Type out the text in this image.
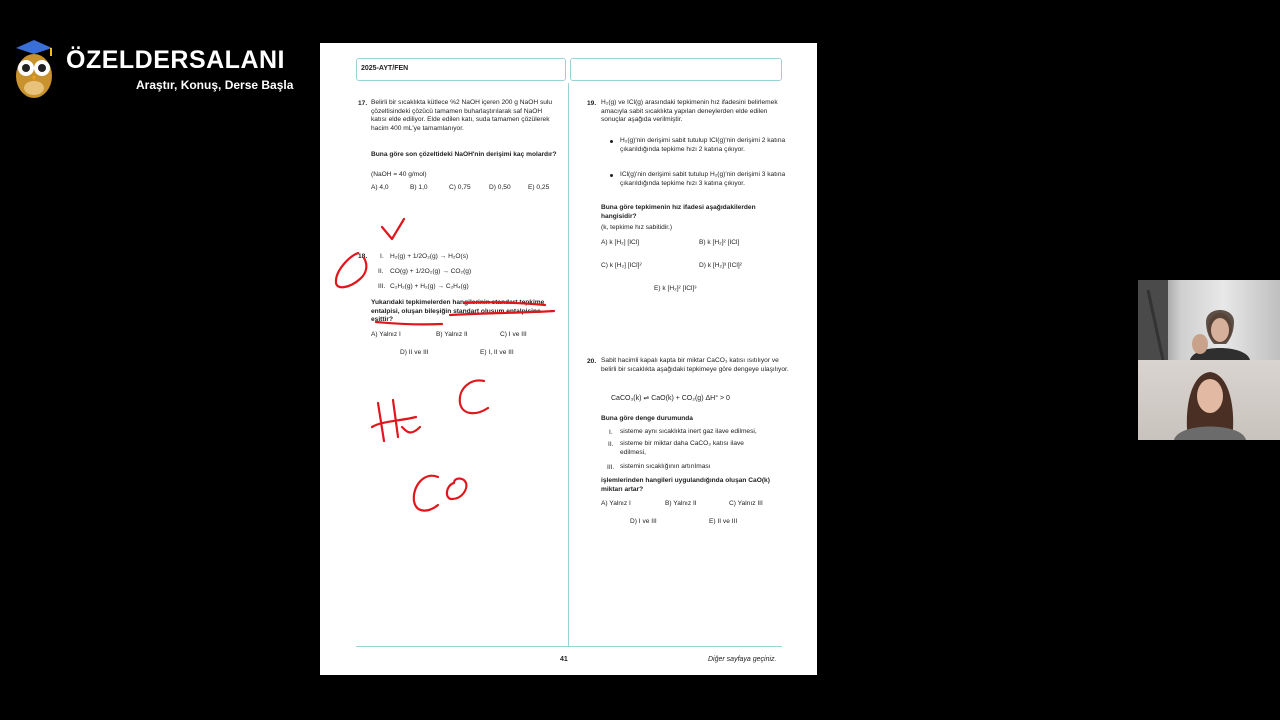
ÖZELDERSALANI
Araştır, Konuş, Derse Başla
2025-AYT/FEN
17. Belirli bir sıcaklıkta kütlece %2 NaOH içeren 200 g NaOH sulu çözeltisindeki çözücü tamamen buharlaştırılarak saf NaOH katısı elde ediliyor. Elde edilen katı, suda tamamen çözülerek hacim 400 mL'ye tamamlanıyor.
Buna göre son çözeltideki NaOH'nin derişimi kaç molardır?
(NaOH = 40 g/mol)
A) 4,0	B) 1,0	C) 0,75	D) 0,50	E) 0,25
18. I. H₂(g) + 1/2O₂(g) → H₂O(s)
II. CO(g) + 1/2O₂(g) → CO₂(g)
III. C₂H₂(g) + H₂(g) → C₂H₄(g)
Yukarıdaki tepkimelerden hangilerinin standart tepkime entalpisi, oluşan bileşiğin standart oluşum entalpisine eşittir?
A) Yalnız I	B) Yalnız II	C) I ve III
D) II ve III	E) I, II ve III
19. H₂(g) ve ICl(g) arasındaki tepkimenin hız ifadesini belirlemek amacıyla sabit sıcaklıkta yapılan deneylerden elde edilen sonuçlar aşağıda verilmiştir.
H₂(g)'nin derişimi sabit tutulup ICl(g)'nin derişimi 2 katına çıkarıldığında tepkime hızı 2 katına çıkıyor.
ICl(g)'nin derişimi sabit tutulup H₂(g)'nin derişimi 3 katına çıkarıldığında tepkime hızı 3 katına çıkıyor.
Buna göre tepkimenin hız ifadesi aşağıdakilerden hangisidir?
(k, tepkime hız sabitidir.)
A) k [H₂] [ICl]	B) k [H₂]² [ICl]
C) k [H₂] [ICl]²	D) k [H₂]³ [ICl]²
E) k [H₂]² [ICl]³
20. Sabit hacimli kapalı kapta bir miktar CaCO₃ katısı ısıtılıyor ve belirli bir sıcaklıkta aşağıdaki tepkimeye göre dengeye ulaşılıyor.
CaCO₃(k) ⇌ CaO(k) + CO₂(g) ΔH° > 0
Buna göre denge durumunda
I. sisteme aynı sıcaklıkta inert gaz ilave edilmesi,
II. sisteme bir miktar daha CaCO₃ katısı ilave edilmesi,
III. sistemin sıcaklığının artırılması
işlemlerinden hangileri uygulandığında oluşan CaO(k) miktarı artar?
A) Yalnız I	B) Yalnız II	C) Yalnız III
D) I ve III	E) II ve III
41	Diğer sayfaya geçiniz.
